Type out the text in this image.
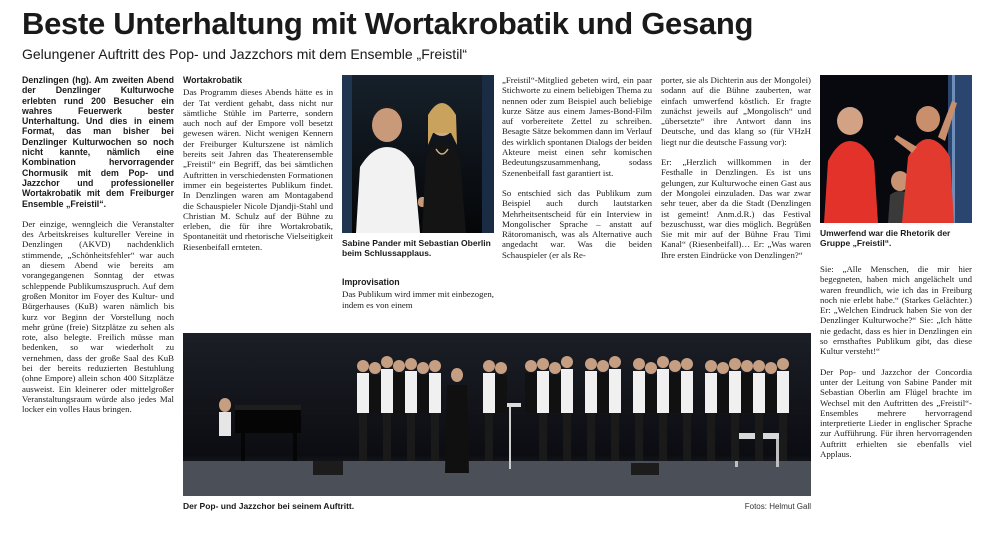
Beste Unterhaltung mit Wortakrobatik und Gesang
Gelungener Auftritt des Pop- und Jazzchors mit dem Ensemble „Freistil“

Denzlingen (hg). Am zweiten Abend der Denzlinger Kulturwoche erlebten rund 200 Besucher ein wahres Feuerwerk bester Unterhaltung. Und dies in einem Format, das man bisher bei Denzlinger Kulturwochen so noch nicht kannte, nämlich eine Kombination hervorragender Chormusik mit dem Pop- und Jazzchor und professioneller Wortakrobatik mit dem Freiburger Ensemble „Freistil“.

Der einzige, wenngleich die Veranstalter des Arbeitskreises kultureller Vereine in Denzlingen (AKVD) nachdenklich stimmende, „Schönheitsfehler“ war auch an diesem Abend wie bereits am vorangegangenen Sonntag der etwas schleppende Publikumszuspruch. Auf dem großen Monitor im Foyer des Kultur- und Bürgerhauses (KuB) waren nämlich bis kurz vor Beginn der Vorstellung noch mehr grüne (freie) Sitzplätze zu sehen als rote, also belegte. Freilich müsse man bedenken, so war wiederholt zu vernehmen, dass der große Saal des KuB bei der bereits reduzierten Bestuhlung (ohne Empore) allein schon 400 Sitzplätze ausweist. Ein kleinerer oder mittelgroßer Veranstaltungsraum würde also jedes Mal locker ein volles Haus bringen.

Wortakrobatik

Das Programm dieses Abends hätte es in der Tat verdient gehabt, dass nicht nur sämtliche Stühle im Parterre, sondern auch noch auf der Empore voll besetzt gewesen wären. Nicht wenigen Kennern der Freiburger Kulturszene ist nämlich bereits seit Jahren das Theaterensemble „Freistil“ ein Begriff, das bei sämtlichen Auftritten in verschiedensten Formationen immer ein begeistertes Publikum findet. In Denzlingen waren am Montagabend die Schauspieler Nicole Djandji-Stahl und Christian M. Schulz auf der Bühne zu erleben, die für ihre Wortakrobatik, Spontaneität und rhetorische Vielseitigkeit Riesenbeifall ernteten.	Sabine Pander mit Sebastian Oberlin beim Schlussapplaus.
Improvisation

Das Publikum wird immer mit einbezogen, indem es von einem

„Freistil“-Mitglied gebeten wird, ein paar Stichworte zu einem beliebigen Thema zu nennen oder zum Beispiel auch beliebige kurze Sätze aus einem James-Bond-Film auf vorbereitete Zettel zu schreiben. Besagte Sätze bekommen dann im Verlauf des wirklich spontanen Dialogs der beiden Akteure meist einen sehr komischen Bedeutungszusammenhang, sodass Szenenbeifall fast garantiert ist.

So entschied sich das Publikum zum Beispiel auch durch lautstarken Mehrheitsentscheid für ein Interview in Mongolischer Sprache – anstatt auf Rätoromanisch, was als Alternative auch angedacht war. Was die beiden Schauspieler (er als Re-

porter, sie als Dichterin aus der Mongolei) sodann auf die Bühne zauberten, war einfach umwerfend köstlich. Er fragte zunächst jeweils auf „Mongolisch“ und „übersetzte“ ihre Antwort dann ins Deutsche, und das klang so (für VHzH liegt nur die deutsche Fassung vor):

Er: „Herzlich willkommen in der Festhalle in Denzlingen. Es ist uns gelungen, zur Kulturwoche einen Gast aus der Mongolei einzuladen. Das war zwar sehr teuer, aber da die Stadt (Denzlingen ist gemeint! Anm.d.R.) das Festival bezuschusst, war dies möglich. Begrüßen Sie mit mir auf der Bühne Frau Timi Kanal“ (Riesenbeifall)… Er: „Was waren Ihre ersten Eindrücke von Denzlingen?“

Umwerfend war die Rhetorik der Gruppe „Freistil“.

Sie: „Alle Menschen, die mir hier begegneten, haben mich angelächelt und waren freundlich, wie ich das in Freiburg noch nie erlebt habe.“ (Starkes Gelächter.) Er: „Welchen Eindruck haben Sie von der Denzlinger Kulturwoche?“ Sie: „Ich hätte nie gedacht, dass es hier in Denzlingen ein so ernsthaftes Publikum gibt, das diese Kultur versteht!“

Der Pop- und Jazzchor der Concordia unter der Leitung von Sabine Pander mit Sebastian Oberlin am Flügel brachte im Wechsel mit den Auftritten des „Freistil“-Ensembles mehrere hervorragend interpretierte Lieder in englischer Sprache zur Aufführung. Für ihren hervorragenden Auftritt erhielten sie ebenfalls viel Applaus.

Der Pop- und Jazzchor bei seinem Auftritt.	Fotos: Helmut Gall
